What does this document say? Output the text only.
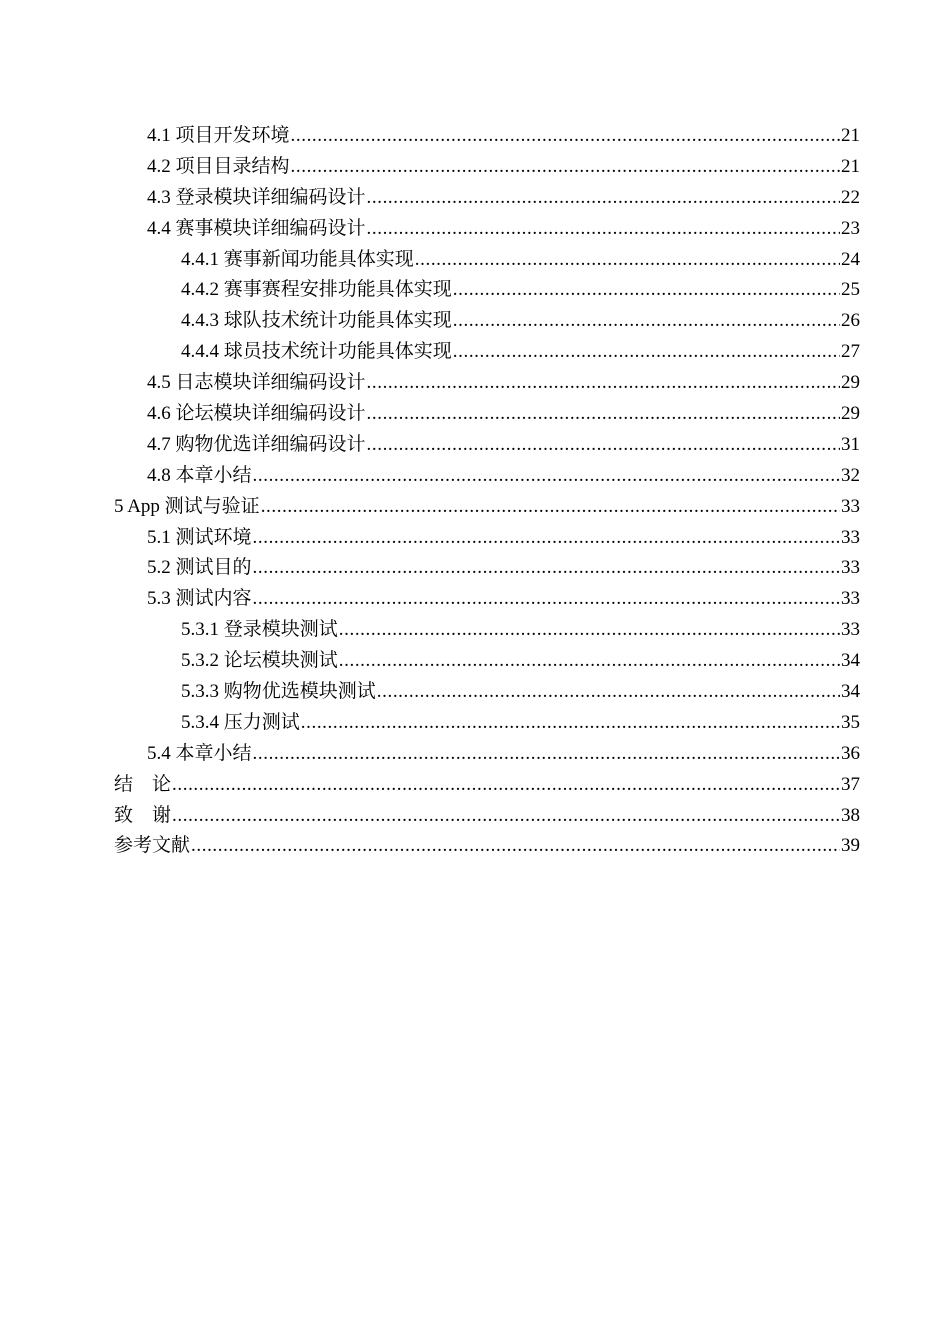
4.1 项目开发环境 .....	21
4.2 项目目录结构 .....	21
4.3 登录模块详细编码设计 .....	22
4.4 赛事模块详细编码设计 .....	23
4.4.1 赛事新闻功能具体实现 .....	24
4.4.2 赛事赛程安排功能具体实现 .....	25
4.4.3 球队技术统计功能具体实现 .....	26
4.4.4 球员技术统计功能具体实现 .....	27
4.5 日志模块详细编码设计 .....	29
4.6 论坛模块详细编码设计 .....	29
4.7 购物优选详细编码设计 .....	31
4.8 本章小结 .....	32
5 App 测试与验证 .....	33
5.1 测试环境 .....	33
5.2 测试目的 .....	33
5.3 测试内容 .....	33
5.3.1 登录模块测试 .....	33
5.3.2 论坛模块测试 .....	34
5.3.3 购物优选模块测试 .....	34
5.3.4 压力测试 .....	35
5.4 本章小结 .....	36
结　论 .....	37
致　谢 .....	38
参考文献 .....	39
